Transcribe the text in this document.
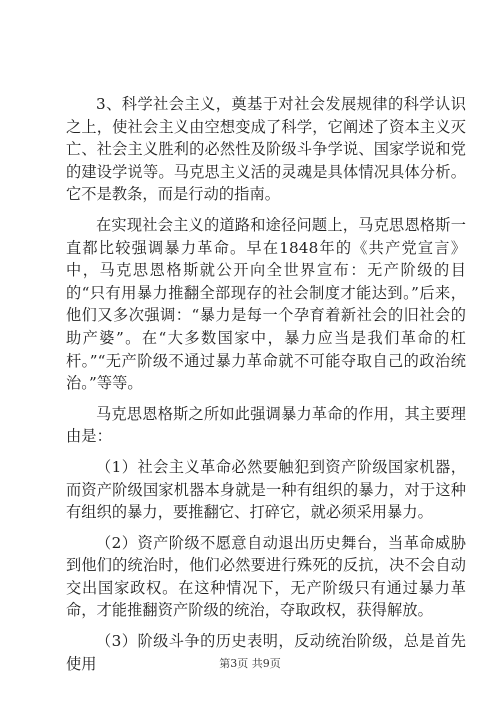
3、科学社会主义，奠基于对社会发展规律的科学认识之上，使社会主义由空想变成了科学，它阐述了资本主义灭亡、社会主义胜利的必然性及阶级斗争学说、国家学说和党的建设学说等。马克思主义活的灵魂是具体情况具体分析。它不是教条，而是行动的指南。

在实现社会主义的道路和途径问题上，马克思恩格斯一直都比较强调暴力革命。早在1848年的《共产党宣言》中，马克思恩格斯就公开向全世界宣布：无产阶级的目的“只有用暴力推翻全部现存的社会制度才能达到。”后来，他们又多次强调：“暴力是每一个孕育着新社会的旧社会的助产婆”。在“大多数国家中，暴力应当是我们革命的杠杆。”“无产阶级不通过暴力革命就不可能夺取自己的政治统治。”等等。

马克思恩格斯之所如此强调暴力革命的作用，其主要理由是：

（1）社会主义革命必然要触犯到资产阶级国家机器，而资产阶级国家机器本身就是一种有组织的暴力，对于这种有组织的暴力，要推翻它、打碎它，就必须采用暴力。

（2）资产阶级不愿意自动退出历史舞台，当革命威胁到他们的统治时，他们必然要进行殊死的反抗，决不会自动交出国家政权。在这种情况下，无产阶级只有通过暴力革命，才能推翻资产阶级的统治，夺取政权，获得解放。

（3）阶级斗争的历史表明，反动统治阶级，总是首先使用	第3页 共9页
